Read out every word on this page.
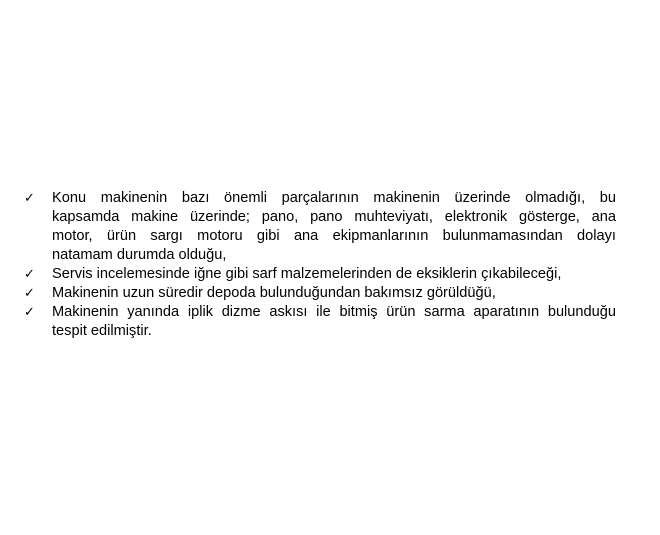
✓	Konu makinenin bazı önemli parçalarının makinenin üzerinde olmadığı, bu
kapsamda makine üzerinde; pano, pano muhteviyatı, elektronik gösterge, ana
motor, ürün sargı motoru gibi ana ekipmanlarının bulunmamasından dolayı
natamam durumda olduğu,
✓	Servis incelemesinde iğne gibi sarf malzemelerinden de eksiklerin çıkabileceği,
✓	Makinenin uzun süredir depoda bulunduğundan bakımsız görüldüğü,
✓	Makinenin yanında iplik dizme askısı ile bitmiş ürün sarma aparatının bulunduğu
tespit edilmiştir.
